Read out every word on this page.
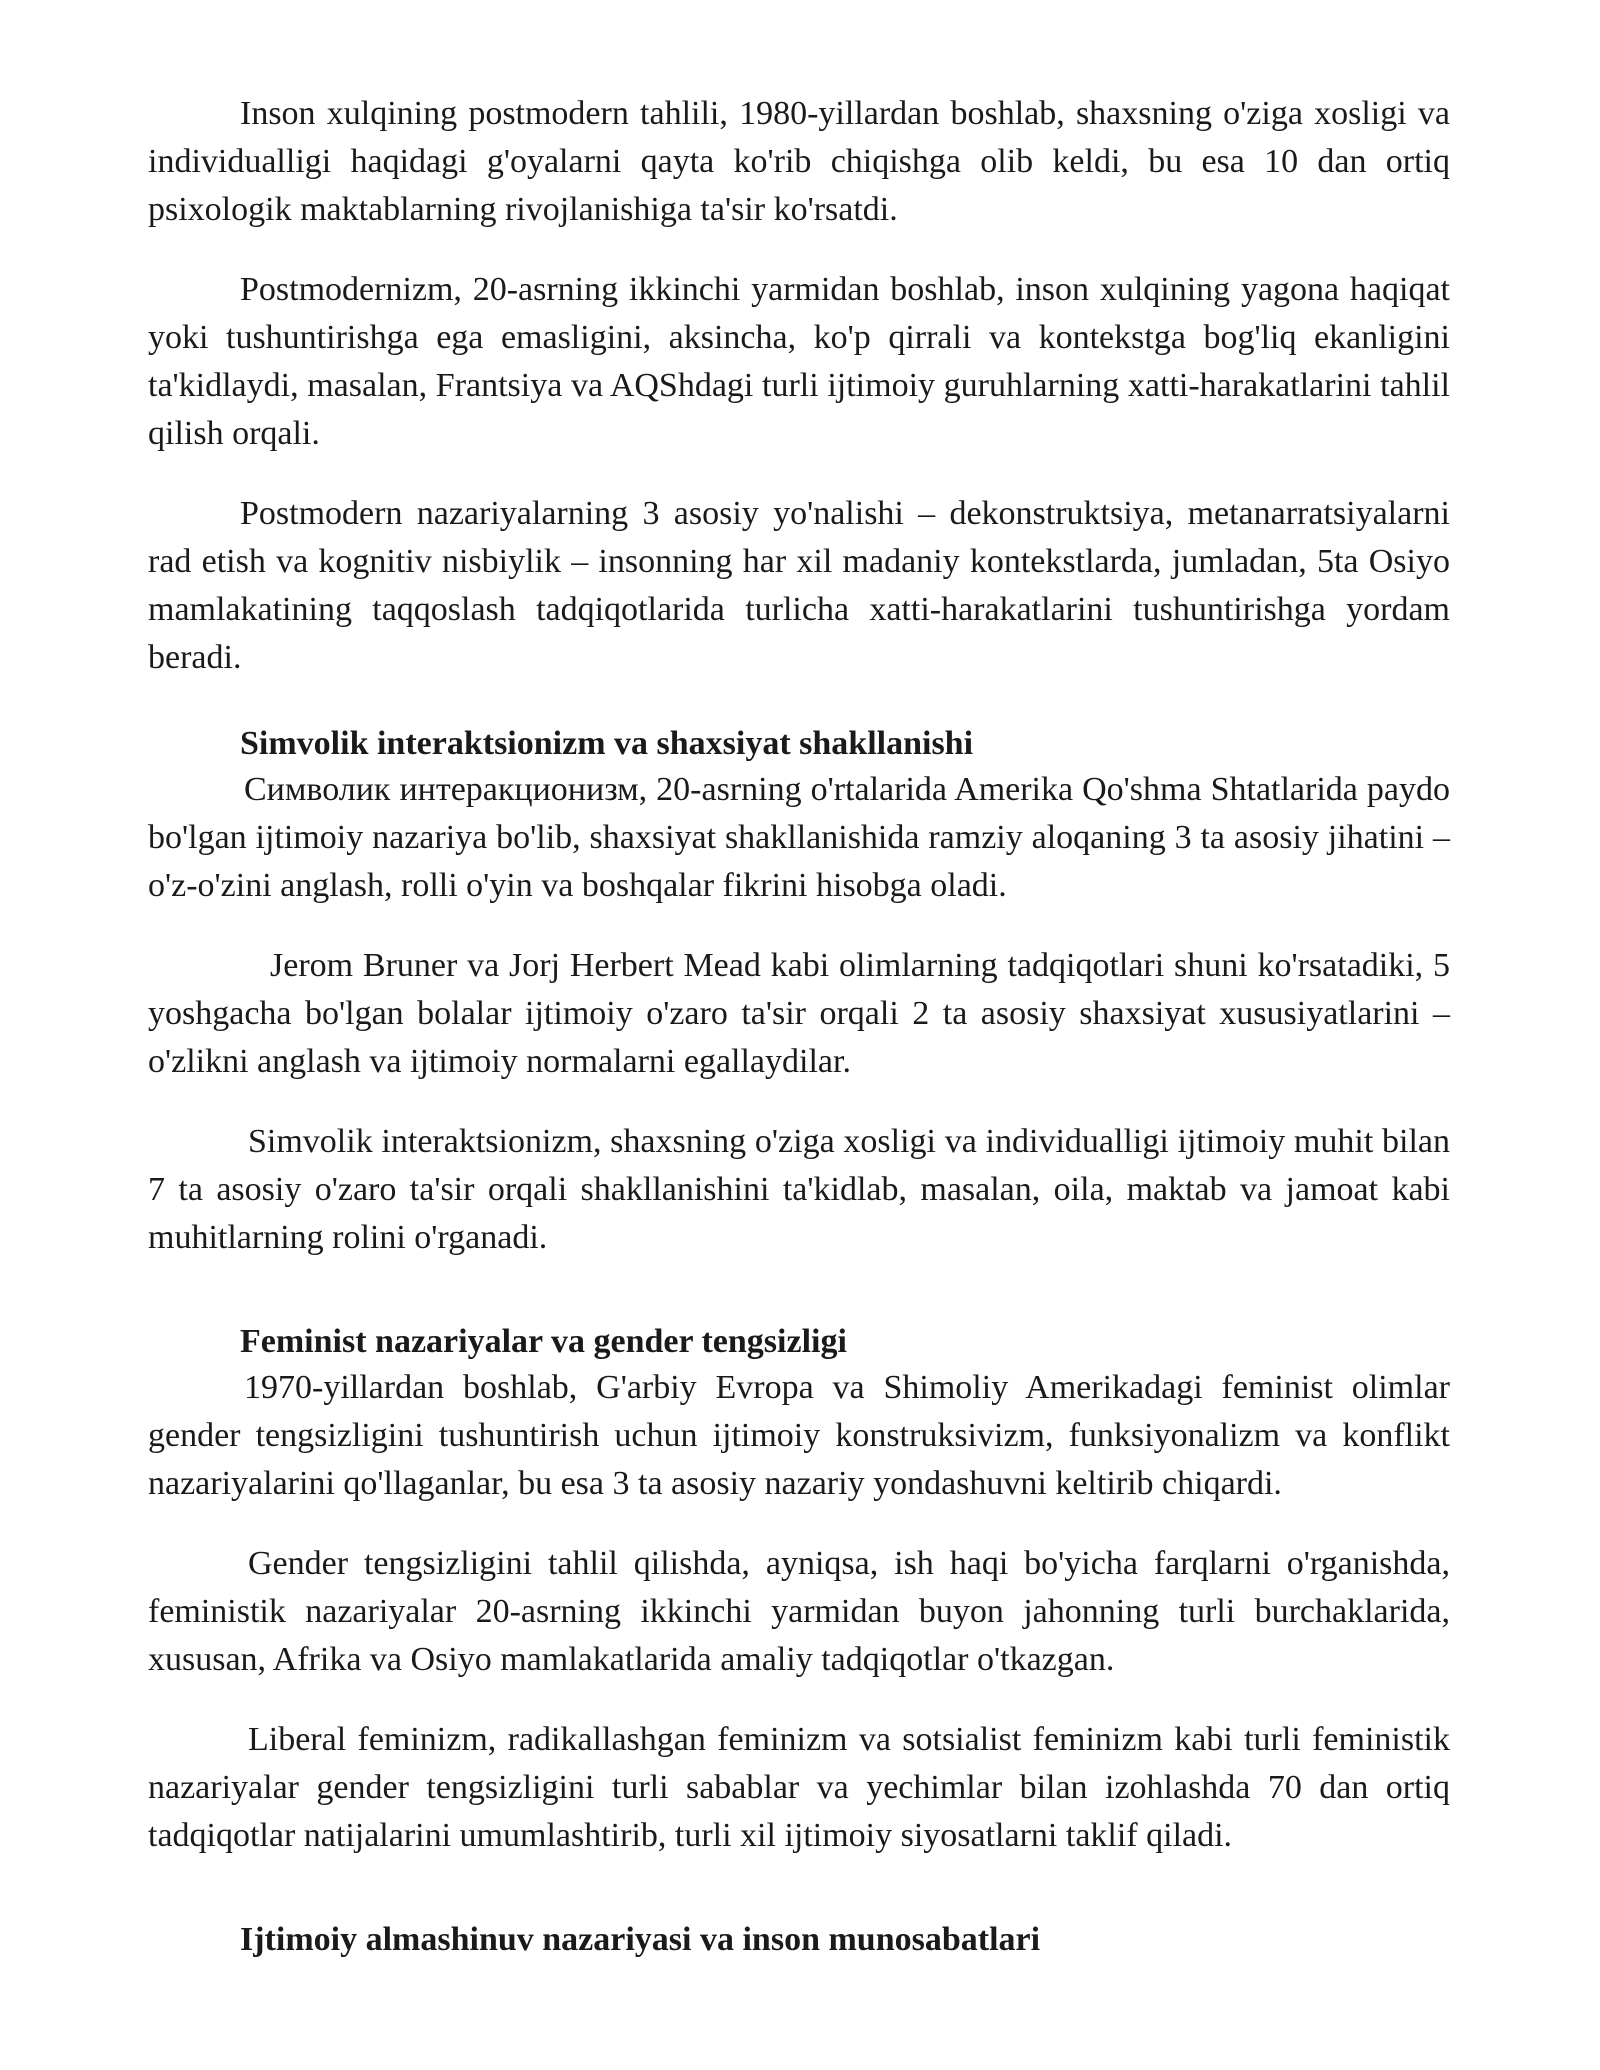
Inson xulqining postmodern tahlili, 1980-yillardan boshlab, shaxsning o'ziga xosligi va individualligi haqidagi g'oyalarni qayta ko'rib chiqishga olib keldi, bu esa 10 dan ortiq psixologik maktablarning rivojlanishiga ta'sir ko'rsatdi.

Postmodernizm, 20-asrning ikkinchi yarmidan boshlab, inson xulqining yagona haqiqat yoki tushuntirishga ega emasligini, aksincha, ko'p qirrali va kontekstga bog'liq ekanligini ta'kidlaydi, masalan, Frantsiya va AQShdagi turli ijtimoiy guruhlarning xatti-harakatlarini tahlil qilish orqali.

Postmodern nazariyalarning 3 asosiy yo'nalishi – dekonstruktsiya, metanarratsiyalarni rad etish va kognitiv nisbiylik – insonning har xil madaniy kontekstlarda, jumladan, 5ta Osiyo mamlakatining taqqoslash tadqiqotlarida turlicha xatti-harakatlarini tushuntirishga yordam beradi.

Simvolik interaktsionizm va shaxsiyat shakllanishi

Символик интеракционизм, 20-asrning o'rtalarida Amerika Qo'shma Shtatlarida paydo bo'lgan ijtimoiy nazariya bo'lib, shaxsiyat shakllanishida ramziy aloqaning 3 ta asosiy jihatini – o'z-o'zini anglash, rolli o'yin va boshqalar fikrini hisobga oladi.

Jerom Bruner va Jorj Herbert Mead kabi olimlarning tadqiqotlari shuni ko'rsatadiki, 5 yoshgacha bo'lgan bolalar ijtimoiy o'zaro ta'sir orqali 2 ta asosiy shaxsiyat xususiyatlarini – o'zlikni anglash va ijtimoiy normalarni egallaydilar.

Simvolik interaktsionizm, shaxsning o'ziga xosligi va individualligi ijtimoiy muhit bilan 7 ta asosiy o'zaro ta'sir orqali shakllanishini ta'kidlab, masalan, oila, maktab va jamoat kabi muhitlarning rolini o'rganadi.

Feminist nazariyalar va gender tengsizligi

1970-yillardan boshlab, G'arbiy Evropa va Shimoliy Amerikadagi feminist olimlar gender tengsizligini tushuntirish uchun ijtimoiy konstruksivizm, funksiyonalizm va konflikt nazariyalarini qo'llaganlar, bu esa 3 ta asosiy nazariy yondashuvni keltirib chiqardi.

Gender tengsizligini tahlil qilishda, ayniqsa, ish haqi bo'yicha farqlarni o'rganishda, feministik nazariyalar 20-asrning ikkinchi yarmidan buyon jahonning turli burchaklarida, xususan, Afrika va Osiyo mamlakatlarida amaliy tadqiqotlar o'tkazgan.

Liberal feminizm, radikallashgan feminizm va sotsialist feminizm kabi turli feministik nazariyalar gender tengsizligini turli sabablar va yechimlar bilan izohlashda 70 dan ortiq tadqiqotlar natijalarini umumlashtirib, turli xil ijtimoiy siyosatlarni taklif qiladi.

Ijtimoiy almashinuv nazariyasi va inson munosabatlari
